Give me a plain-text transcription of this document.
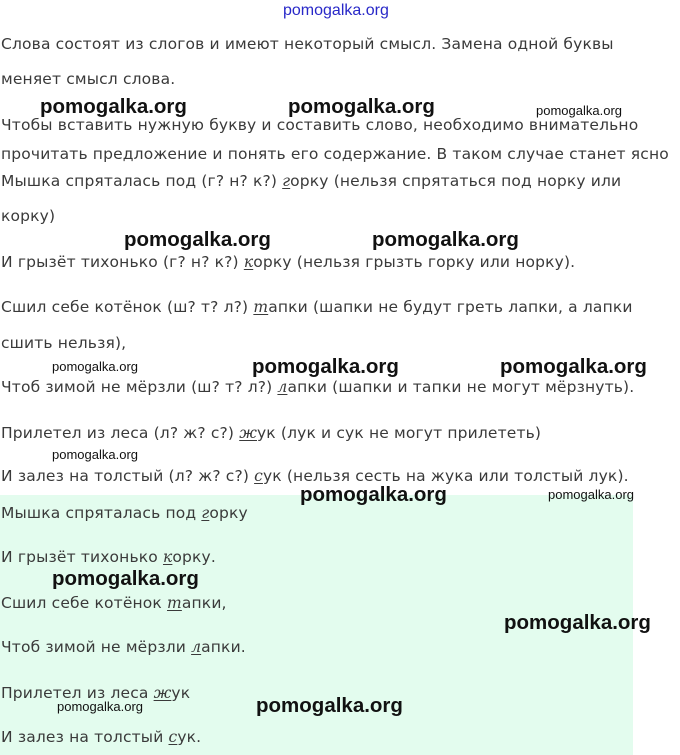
pomogalka.org

Слова состоят из слогов и имеют некоторый смысл. Замена одной буквы

меняет смысл слова.

Чтобы вставить нужную букву и составить слово, необходимо внимательно

прочитать предложение и понять его содержание. В таком случае станет ясно

Мышка спряталась под (г? н? к?) горку (нельзя спрятаться под норку или

корку)

И грызёт тихонько (г? н? к?) корку (нельзя грызть горку или норку).

Сшил себе котёнок (ш? т? л?) тапки (шапки не будут греть лапки, а лапки

сшить нельзя),

Чтоб зимой не мёрзли (ш? т? л?) лапки (шапки и тапки не могут мёрзнуть).

Прилетел из леса (л? ж? с?) жук (лук и сук не могут прилететь)

И залез на толстый (л? ж? с?) сук (нельзя сесть на жука или толстый лук).

Мышка спряталась под горку

И грызёт тихонько корку.

Сшил себе котёнок тапки,

Чтоб зимой не мёрзли лапки.

Прилетел из леса жук

И залез на толстый сук.

pomogalka.org	pomogalka.org	pomogalka.org

pomogalka.org	pomogalka.org

pomogalka.org	pomogalka.org	pomogalka.org

pomogalka.org

pomogalka.org	pomogalka.org

pomogalka.org

pomogalka.org

pomogalka.org	pomogalka.org
